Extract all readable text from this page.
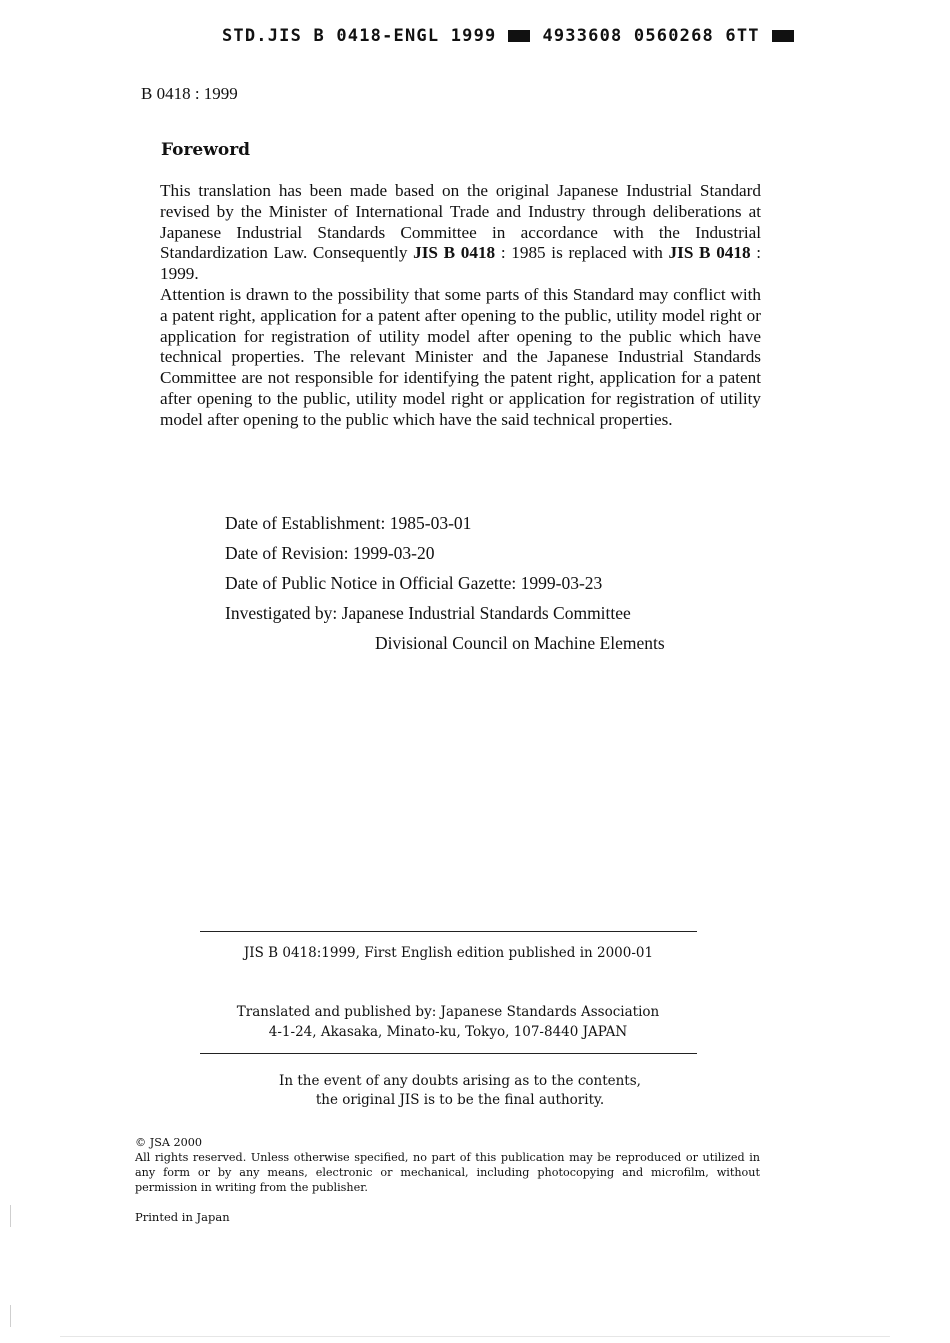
STD.JIS B 0418-ENGL 1999	4933608 0560268 6TT
B 0418 : 1999
Foreword

This translation has been made based on the original Japanese Industrial Standard revised by the Minister of International Trade and Industry through deliberations at Japanese Industrial Standards Committee in accordance with the Industrial Standardization Law. Consequently JIS B 0418 : 1985 is replaced with JIS B 0418 : 1999.

Attention is drawn to the possibility that some parts of this Standard may conflict with a patent right, application for a patent after opening to the public, utility model right or application for registration of utility model after opening to the public which have technical properties. The relevant Minister and the Japanese Industrial Standards Committee are not responsible for identifying the patent right, application for a patent after opening to the public, utility model right or application for registration of utility model after opening to the public which have the said technical properties.

Date of Establishment: 1985-03-01
Date of Revision: 1999-03-20
Date of Public Notice in Official Gazette: 1999-03-23
Investigated by: Japanese Industrial Standards Committee
Divisional Council on Machine Elements
JIS B 0418:1999, First English edition published in 2000-01
Translated and published by: Japanese Standards Association
4-1-24, Akasaka, Minato-ku, Tokyo, 107-8440 JAPAN
In the event of any doubts arising as to the contents,
the original JIS is to be the final authority.

© JSA 2000

All rights reserved. Unless otherwise specified, no part of this publication may be reproduced or utilized in any form or by any means, electronic or mechanical, including photocopying and microfilm, without permission in writing from the publisher.

Printed in Japan
